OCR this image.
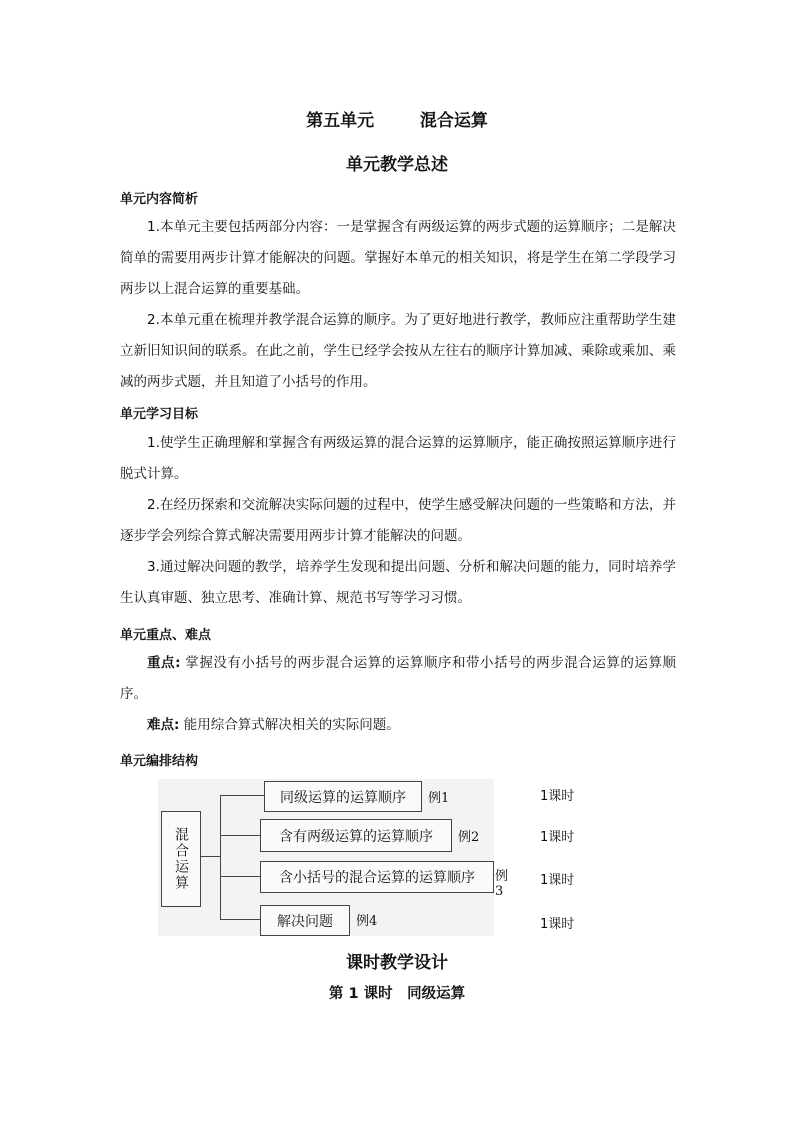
第五单元	混合运算
单元教学总述
单元内容简析
1.本单元主要包括两部分内容：一是掌握含有两级运算的两步式题的运算顺序；二是解决简单的需要用两步计算才能解决的问题。掌握好本单元的相关知识，将是学生在第二学段学习两步以上混合运算的重要基础。
2.本单元重在梳理并教学混合运算的顺序。为了更好地进行教学，教师应注重帮助学生建立新旧知识间的联系。在此之前，学生已经学会按从左往右的顺序计算加减、乘除或乘加、乘减的两步式题，并且知道了小括号的作用。
单元学习目标
1.使学生正确理解和掌握含有两级运算的混合运算的运算顺序，能正确按照运算顺序进行脱式计算。
2.在经历探索和交流解决实际问题的过程中，使学生感受解决问题的一些策略和方法，并逐步学会列综合算式解决需要用两步计算才能解决的问题。
3.通过解决问题的教学，培养学生发现和提出问题、分析和解决问题的能力，同时培养学生认真审题、独立思考、准确计算、规范书写等学习习惯。
单元重点、难点
重点: 掌握没有小括号的两步混合运算的运算顺序和带小括号的两步混合运算的运算顺序。
难点: 能用综合算式解决相关的实际问题。
单元编排结构
混合运算
同级运算的运算顺序	例1
含有两级运算的运算顺序	例2
含小括号的混合运算的运算顺序	例3
解决问题	例4
1课时
1课时
1课时
1课时
课时教学设计
第 1 课时　同级运算
